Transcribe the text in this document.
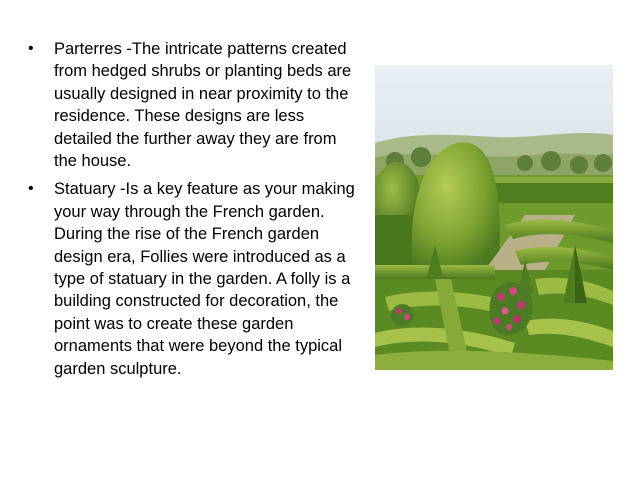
• Parterres -The intricate patterns created from hedged shrubs or planting beds are usually designed in near proximity to the residence. These designs are less detailed the further away they are from the house.
• Statuary -Is a key feature as your making your way through the French garden. During the rise of the French garden design era, Follies were introduced as a type of statuary in the garden. A folly is a building constructed for decoration, the point was to create these garden ornaments that were beyond the typical garden sculpture.
